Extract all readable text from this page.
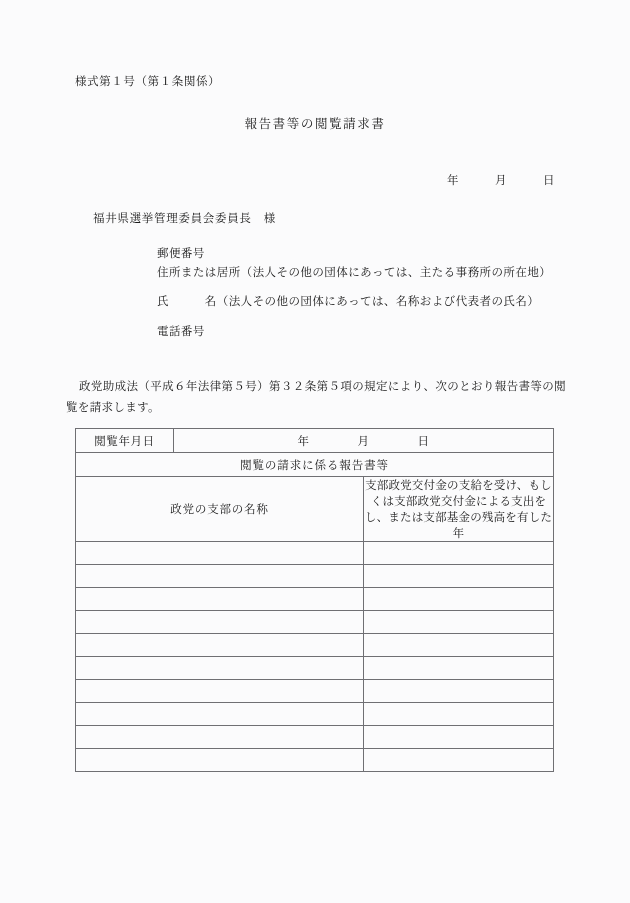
様式第１号（第１条関係）
報告書等の閲覧請求書
年　　　月　　　日
福井県選挙管理委員会委員長　様
郵便番号
住所または居所（法人その他の団体にあっては、主たる事務所の所在地）
氏　　　名（法人その他の団体にあっては、名称および代表者の氏名）
電話番号
政党助成法（平成６年法律第５号）第３２条第５項の規定により、次のとおり報告書等の閲覧を請求します。
閲覧年月日	年　　　　月　　　　日	
閲覧の請求に係る報告書等		
政党の支部の名称		支部政党交付金の支給を受け、もしくは支部政党交付金による支出をし、または支部基金の残高を有した年
